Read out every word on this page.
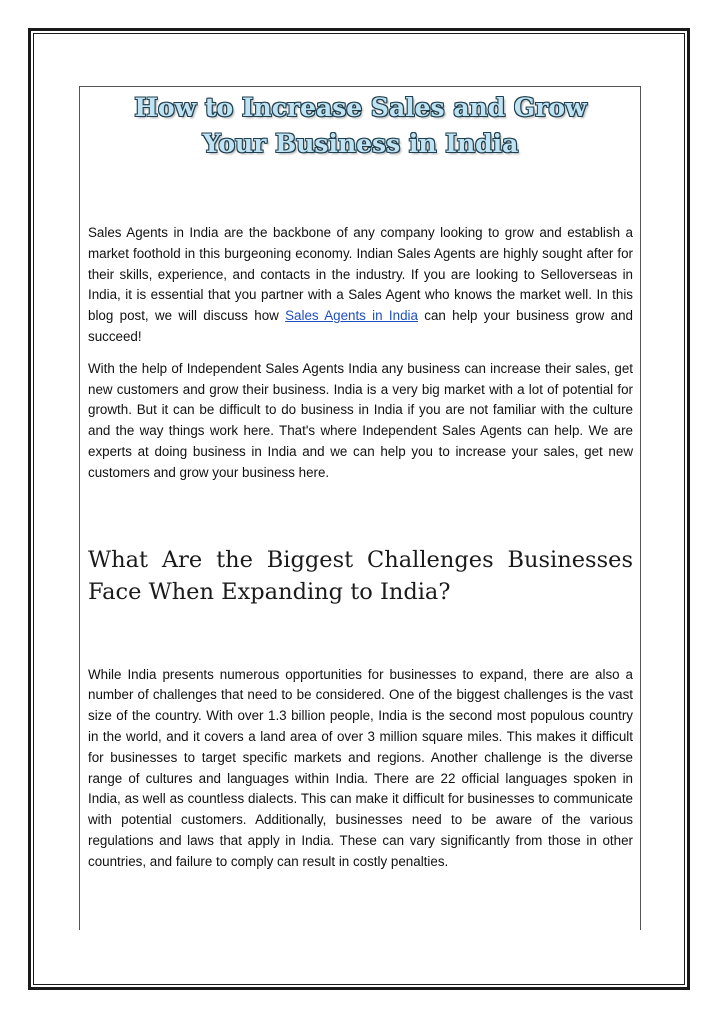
How to Increase Sales and Grow
Your Business in India

Sales Agents in India are the backbone of any company looking to grow and establish a market foothold in this burgeoning economy. Indian Sales Agents are highly sought after for their skills, experience, and contacts in the industry. If you are looking to Selloverseas in India, it is essential that you partner with a Sales Agent who knows the market well. In this blog post, we will discuss how Sales Agents in India can help your business grow and succeed!

With the help of Independent Sales Agents India any business can increase their sales, get new customers and grow their business. India is a very big market with a lot of potential for growth. But it can be difficult to do business in India if you are not familiar with the culture and the way things work here. That's where Independent Sales Agents can help. We are experts at doing business in India and we can help you to increase your sales, get new customers and grow your business here.

What Are the Biggest Challenges Businesses Face When Expanding to India?

While India presents numerous opportunities for businesses to expand, there are also a number of challenges that need to be considered. One of the biggest challenges is the vast size of the country. With over 1.3 billion people, India is the second most populous country in the world, and it covers a land area of over 3 million square miles. This makes it difficult for businesses to target specific markets and regions. Another challenge is the diverse range of cultures and languages within India. There are 22 official languages spoken in India, as well as countless dialects. This can make it difficult for businesses to communicate with potential customers. Additionally, businesses need to be aware of the various regulations and laws that apply in India. These can vary significantly from those in other countries, and failure to comply can result in costly penalties.
